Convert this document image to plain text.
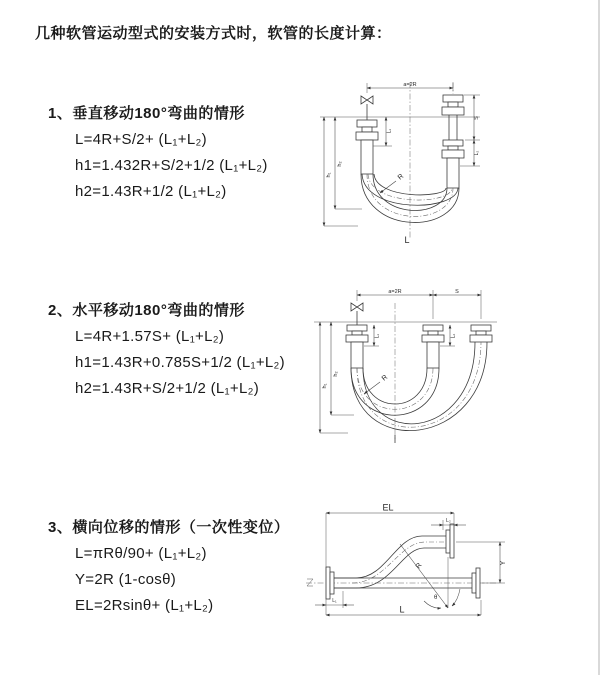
几种软管运动型式的安装方式时，软管的长度计算：
1、垂直移动180°弯曲的情形
L=4R+S/2+ (L₁+L₂)
h1=1.432R+S/2+1/2 (L₁+L₂)
h2=1.43R+1/2 (L₁+L₂)
2、水平移动180°弯曲的情形
L=4R+1.57S+ (L₁+L₂)
h1=1.43R+0.785S+1/2 (L₁+L₂)
h2=1.43R+S/2+1/2 (L₁+L₂)
3、横向位移的情形（一次性变位）
L=πRθ/90+ (L₁+L₂)
Y=2R (1-cosθ)
EL=2Rsinθ+ (L₁+L₂)
a=2R
L₁
S
L₂
h₁
h₂
R
L
a=2R	S
L₁	L₂
h₁
h₂	R
R
θ
EL
L₂
Y
L
L₁
